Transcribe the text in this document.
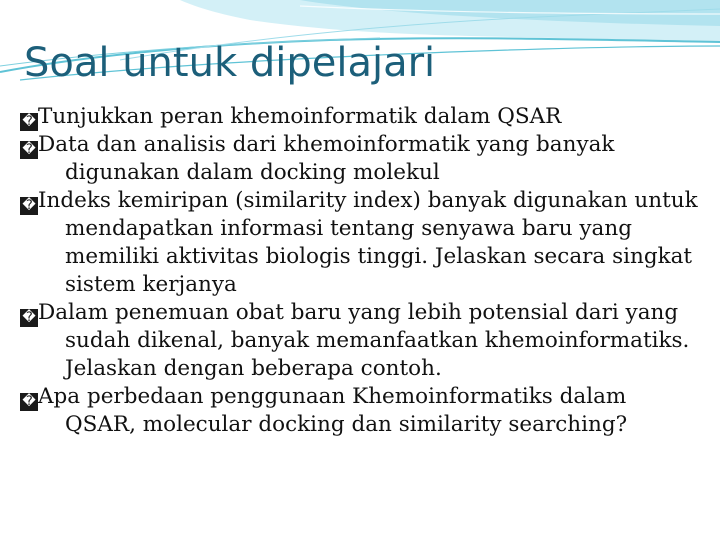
Soal untuk dipelajari
� Tunjukkan peran khemoinformatik dalam QSAR
� Data dan analisis dari khemoinformatik yang banyak digunakan dalam docking molekul
� Indeks kemiripan (similarity index) banyak digunakan untuk mendapatkan informasi tentang senyawa baru yang memiliki aktivitas biologis tinggi. Jelaskan secara singkat sistem kerjanya
� Dalam penemuan obat baru yang lebih potensial dari yang sudah dikenal, banyak memanfaatkan khemoinformatiks. Jelaskan dengan beberapa contoh.
� Apa perbedaan penggunaan Khemoinformatiks dalam QSAR, molecular docking dan similarity searching?
